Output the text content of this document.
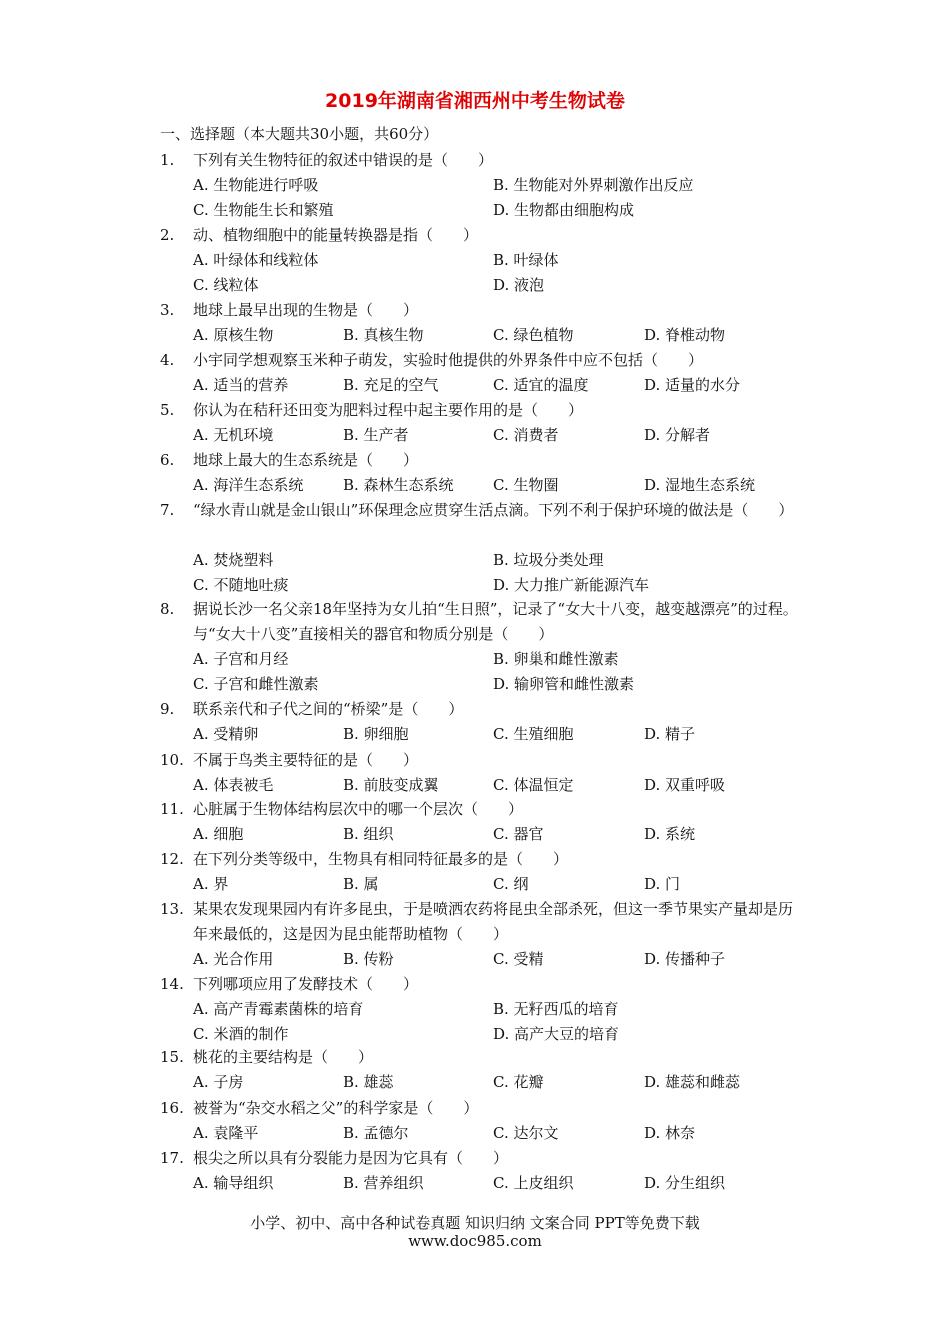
2019年湖南省湘西州中考生物试卷
一、选择题（本大题共30小题，共60分）
1. 下列有关生物特征的叙述中错误的是（　　）
A. 生物能进行呼吸	B. 生物能对外界刺激作出反应
C. 生物能生长和繁殖	D. 生物都由细胞构成
2. 动、植物细胞中的能量转换器是指（　　）
A. 叶绿体和线粒体	B. 叶绿体
C. 线粒体	D. 液泡
3. 地球上最早出现的生物是（　　）
A. 原核生物	B. 真核生物	C. 绿色植物	D. 脊椎动物
4. 小宇同学想观察玉米种子萌发，实验时他提供的外界条件中应不包括（　　）
A. 适当的营养	B. 充足的空气	C. 适宜的温度	D. 适量的水分
5. 你认为在秸秆还田变为肥料过程中起主要作用的是（　　）
A. 无机环境	B. 生产者	C. 消费者	D. 分解者
6. 地球上最大的生态系统是（　　）
A. 海洋生态系统	B. 森林生态系统	C. 生物圈	D. 湿地生态系统
7. “绿水青山就是金山银山”环保理念应贯穿生活点滴。下列不利于保护环境的做法是（　　）
A. 焚烧塑料	B. 垃圾分类处理
C. 不随地吐痰	D. 大力推广新能源汽车
8. 据说长沙一名父亲18年坚持为女儿拍“生日照”，记录了“女大十八变，越变越漂亮”的过程。与“女大十八变”直接相关的器官和物质分别是（　　）
A. 子宫和月经	B. 卵巢和雌性激素
C. 子宫和雌性激素	D. 输卵管和雌性激素
9. 联系亲代和子代之间的“桥梁”是（　　）
A. 受精卵	B. 卵细胞	C. 生殖细胞	D. 精子
10. 不属于鸟类主要特征的是（　　）
A. 体表被毛	B. 前肢变成翼	C. 体温恒定	D. 双重呼吸
11. 心脏属于生物体结构层次中的哪一个层次（　　）
A. 细胞	B. 组织	C. 器官	D. 系统
12. 在下列分类等级中，生物具有相同特征最多的是（　　）
A. 界	B. 属	C. 纲	D. 门
13. 某果农发现果园内有许多昆虫，于是喷洒农药将昆虫全部杀死，但这一季节果实产量却是历年来最低的，这是因为昆虫能帮助植物（　　）
A. 光合作用	B. 传粉	C. 受精	D. 传播种子
14. 下列哪项应用了发酵技术（　　）
A. 高产青霉素菌株的培育	B. 无籽西瓜的培育
C. 米酒的制作	D. 高产大豆的培育
15. 桃花的主要结构是（　　）
A. 子房	B. 雄蕊	C. 花瓣	D. 雄蕊和雌蕊
16. 被誉为“杂交水稻之父”的科学家是（　　）
A. 袁隆平	B. 孟德尔	C. 达尔文	D. 林奈
17. 根尖之所以具有分裂能力是因为它具有（　　）
A. 输导组织	B. 营养组织	C. 上皮组织	D. 分生组织
小学、初中、高中各种试卷真题 知识归纳 文案合同 PPT等免费下载
www.doc985.com
